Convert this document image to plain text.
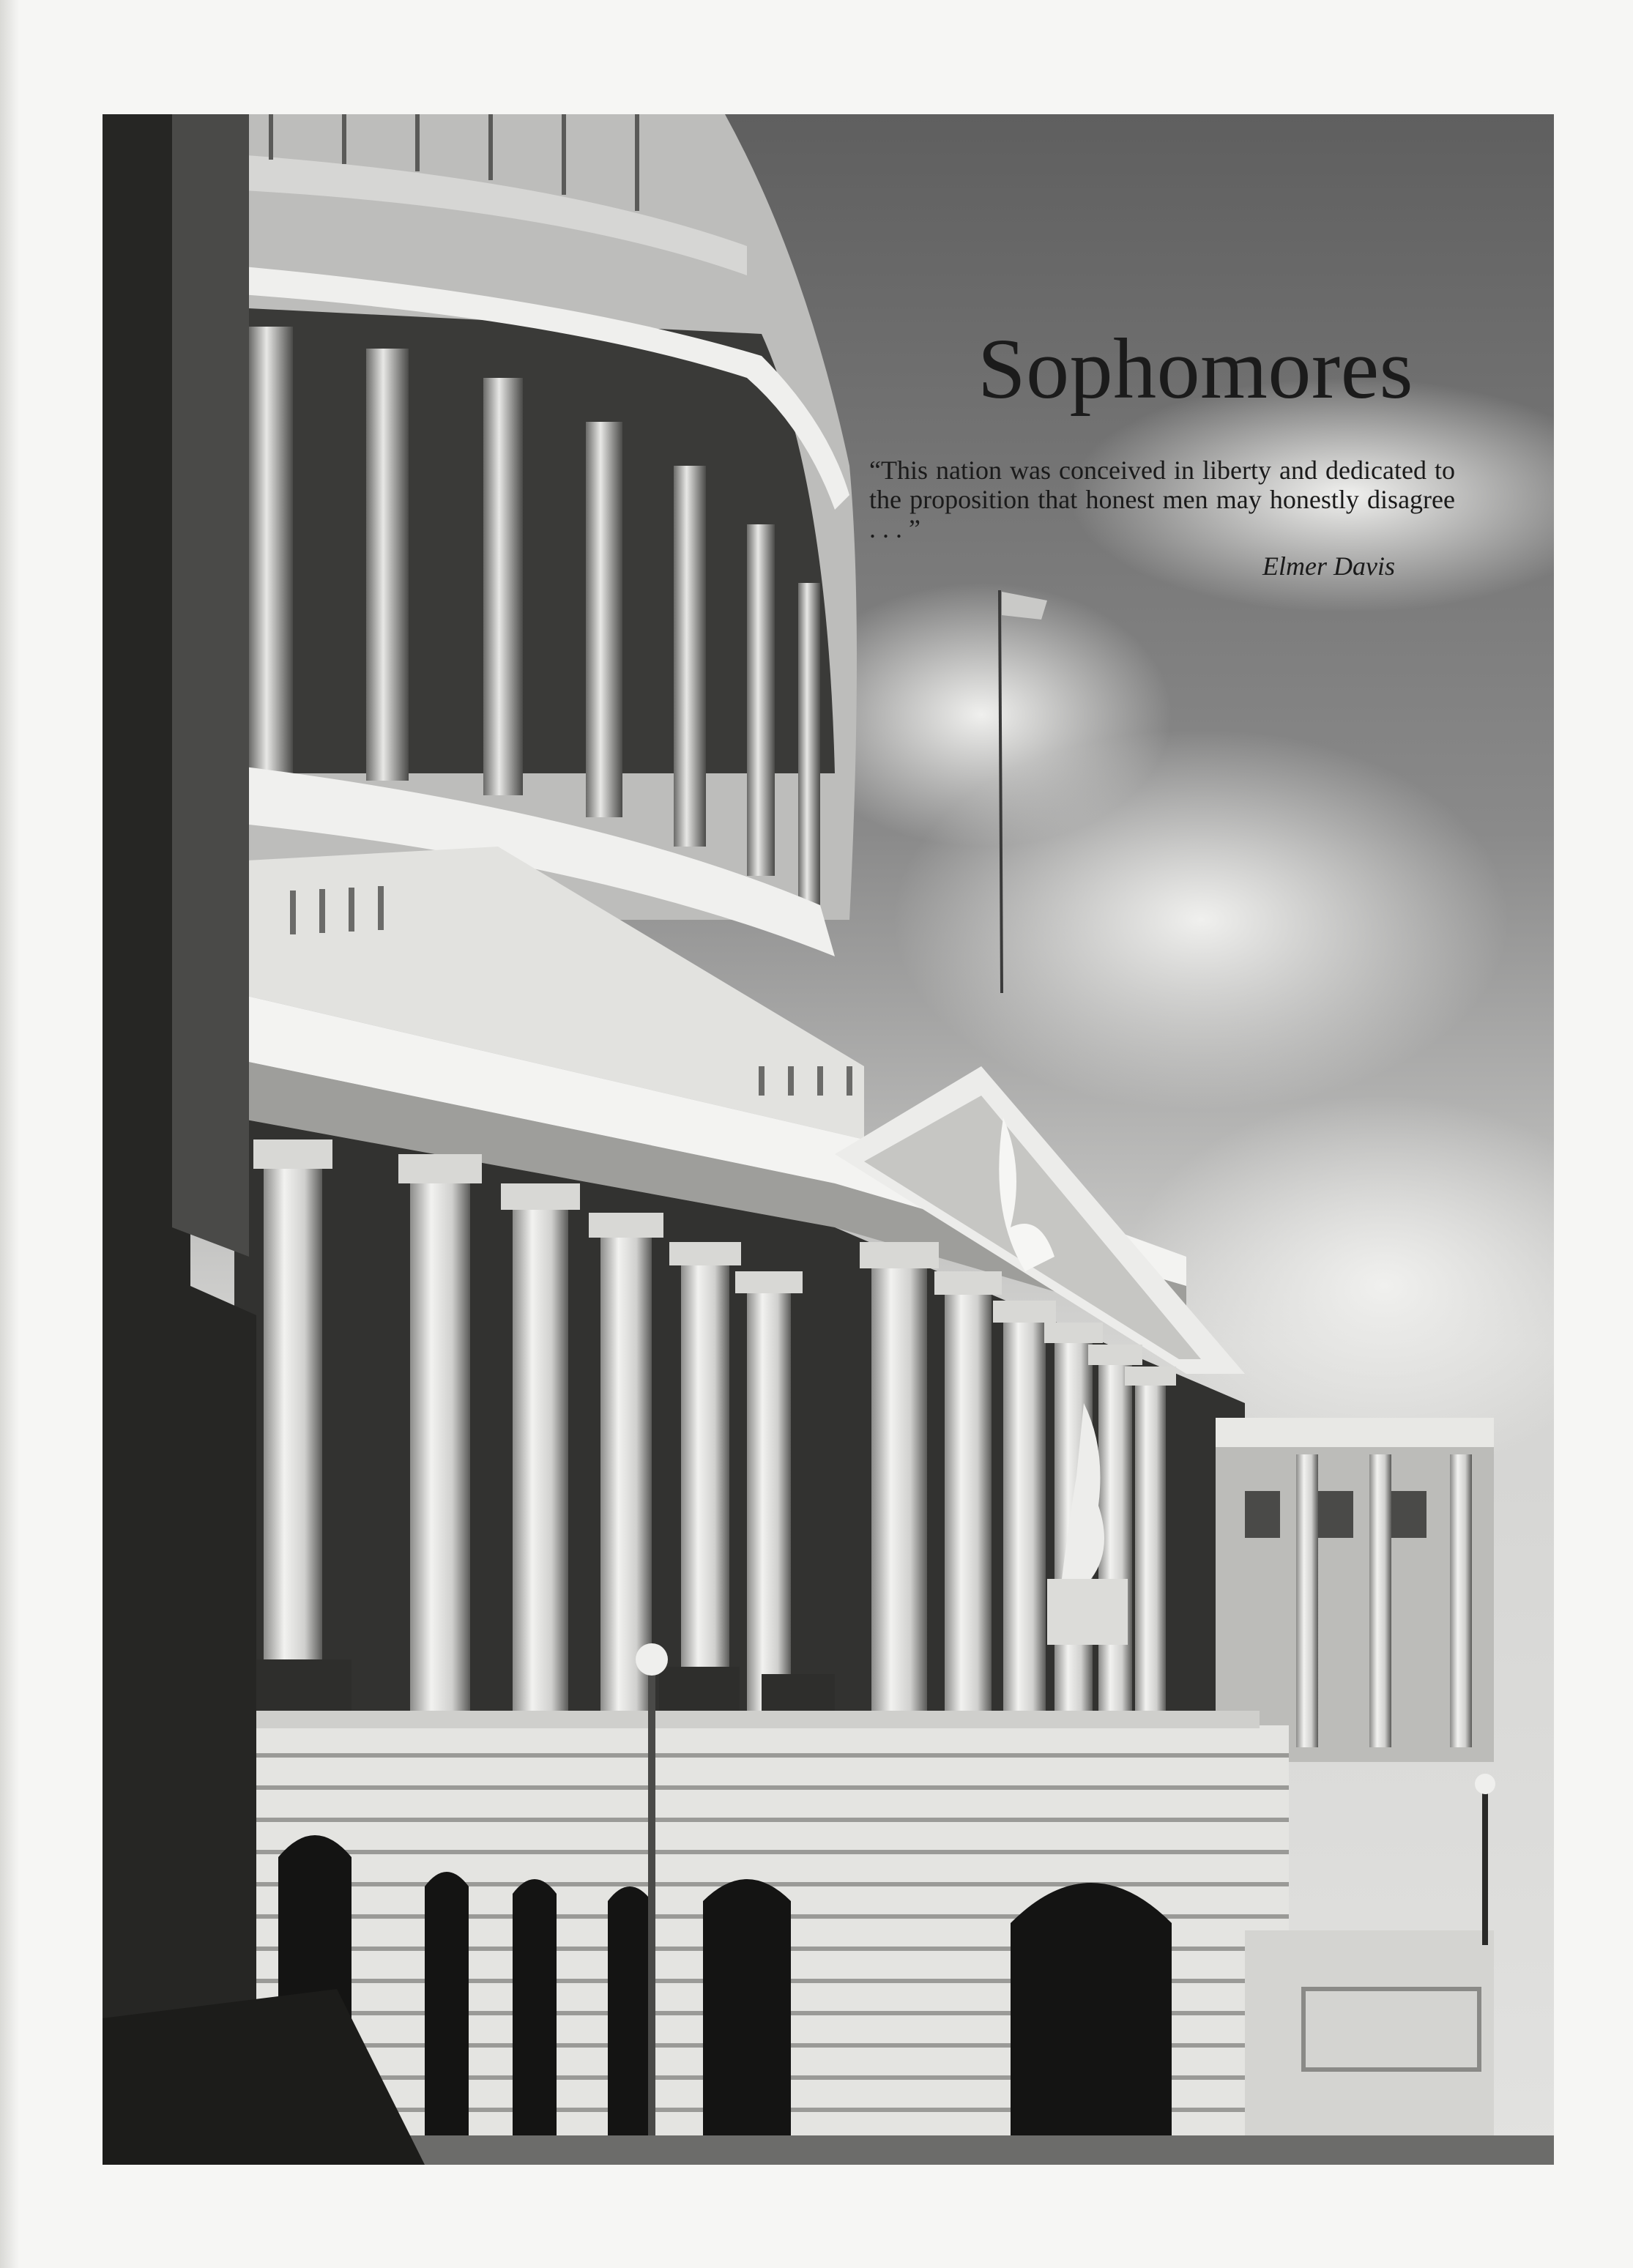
Sophomores
“This nation was conceived in liberty and dedicated to the proposition that honest men may honestly disagree . . . ”
Elmer Davis
